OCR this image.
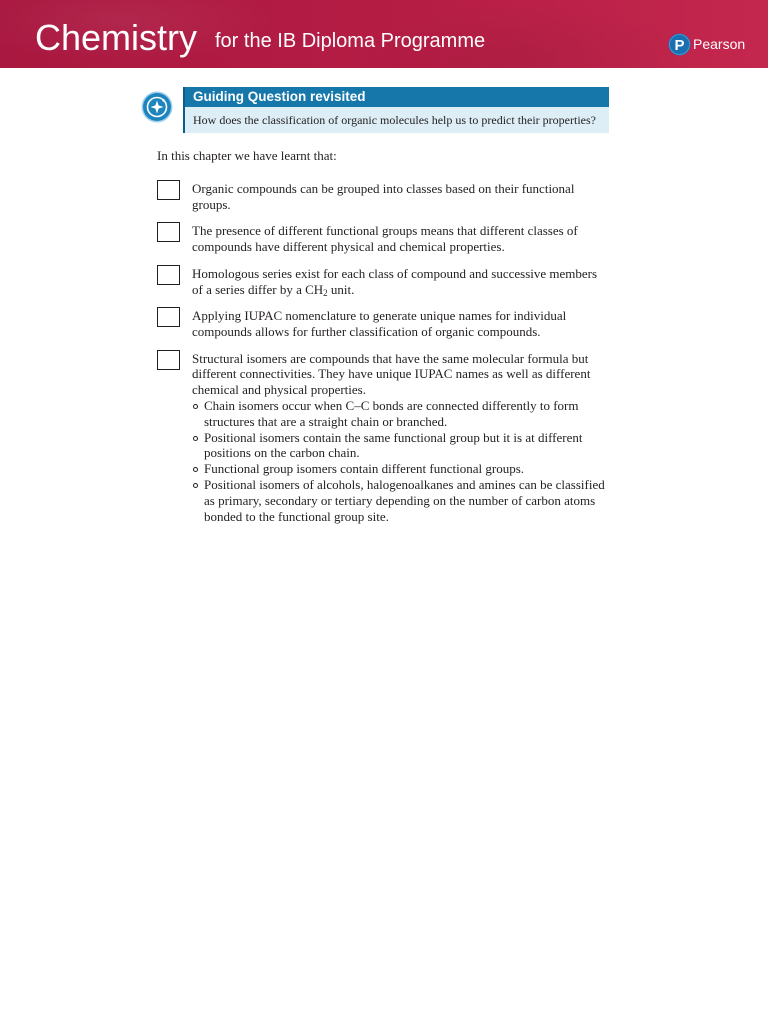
Chemistry for the IB Diploma Programme	P Pearson
Guiding Question revisited
How does the classification of organic molecules help us to predict their properties?
In this chapter we have learnt that:
Organic compounds can be grouped into classes based on their functional
groups.
The presence of different functional groups means that different classes of
compounds have different physical and chemical properties.
Homologous series exist for each class of compound and successive members
of a series differ by a CH2 unit.
Applying IUPAC nomenclature to generate unique names for individual
compounds allows for further classification of organic compounds.
Structural isomers are compounds that have the same molecular formula but
different connectivities. They have unique IUPAC names as well as different
chemical and physical properties.
Chain isomers occur when C–C bonds are connected differently to form
structures that are a straight chain or branched.
Positional isomers contain the same functional group but it is at different
positions on the carbon chain.
Functional group isomers contain different functional groups.
Positional isomers of alcohols, halogenoalkanes and amines can be classified
as primary, secondary or tertiary depending on the number of carbon atoms
bonded to the functional group site.
